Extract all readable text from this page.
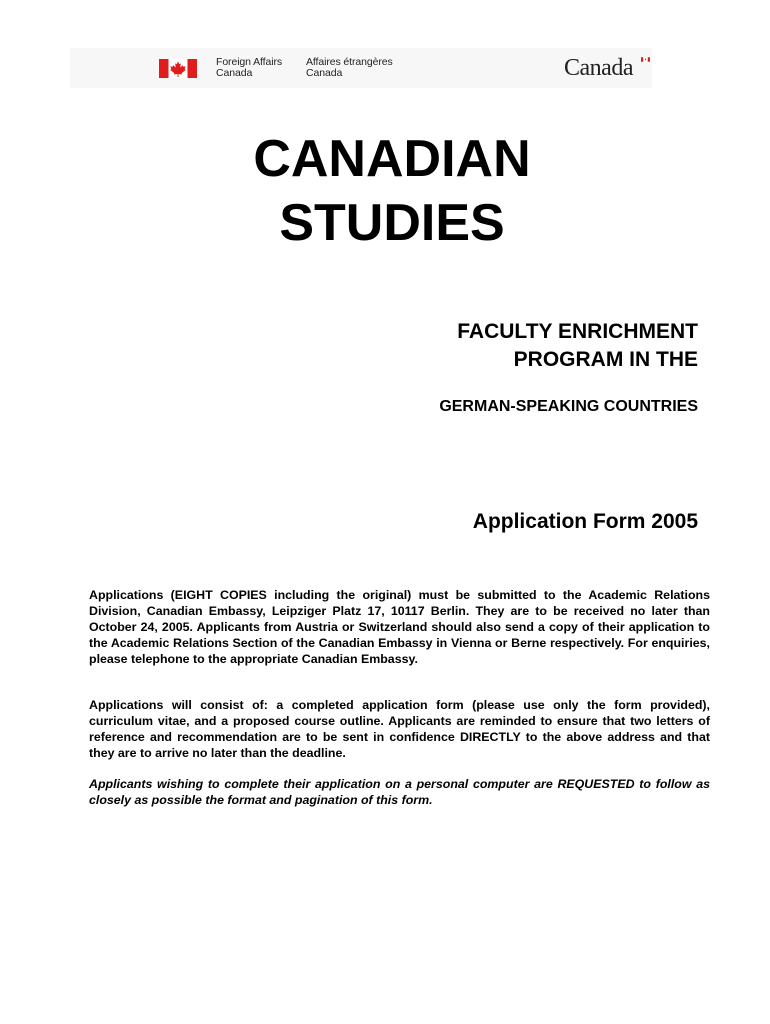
Foreign Affairs
Canada
Affaires étrangères
Canada	Canada
CANADIAN
STUDIES
FACULTY ENRICHMENT
PROGRAM IN THE
GERMAN-SPEAKING COUNTRIES
Application Form 2005

Applications (EIGHT COPIES including the original) must be submitted to the Academic Relations Division, Canadian Embassy, Leipziger Platz 17, 10117 Berlin. They are to be received no later than October 24, 2005. Applicants from Austria or Switzerland should also send a copy of their application to the Academic Relations Section of the Canadian Embassy in Vienna or Berne respectively. For enquiries, please telephone to the appropriate Canadian Embassy.

Applications will consist of: a completed application form (please use only the form provided), curriculum vitae, and a proposed course outline. Applicants are reminded to ensure that two letters of reference and recommendation are to be sent in confidence DIRECTLY to the above address and that they are to arrive no later than the deadline.

Applicants wishing to complete their application on a personal computer are REQUESTED to follow as closely as possible the format and pagination of this form.
